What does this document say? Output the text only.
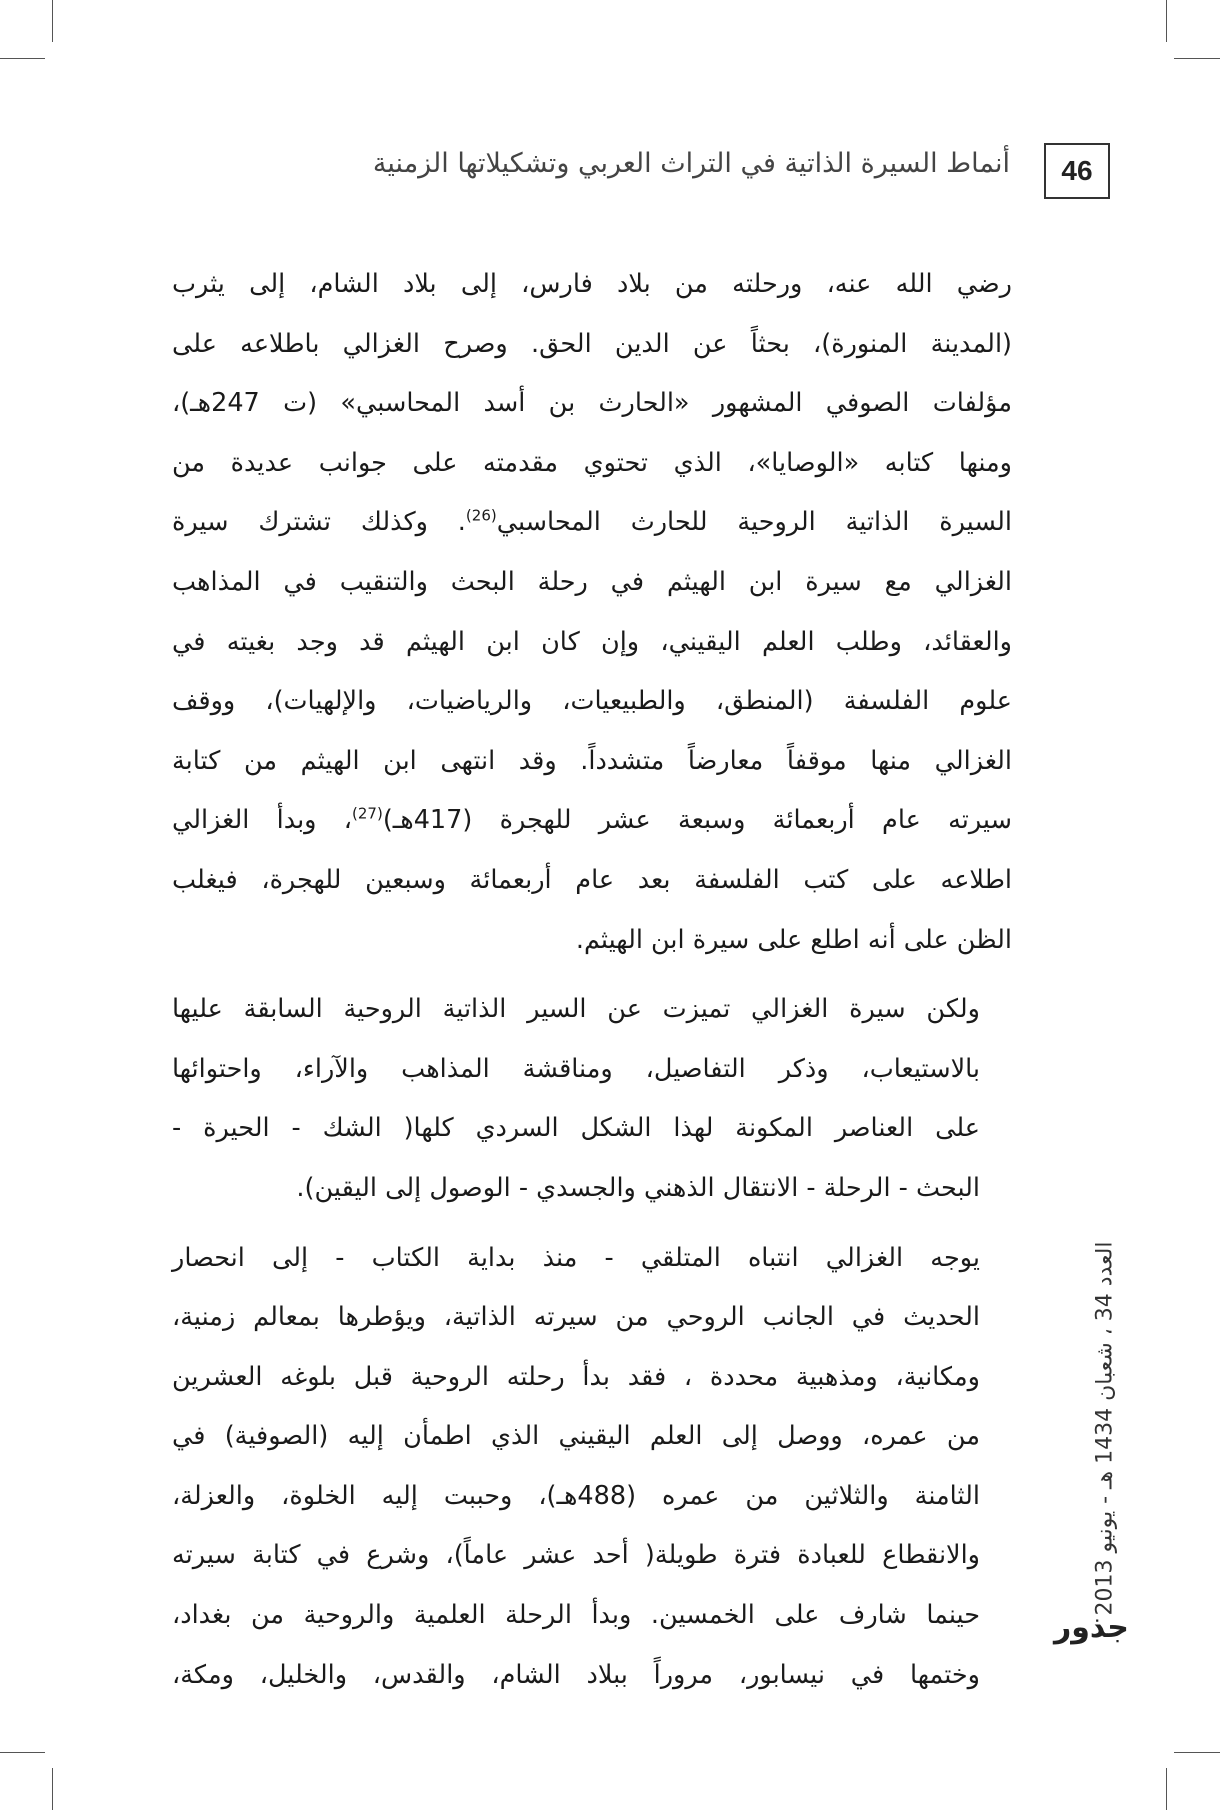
46
أنماط السيرة الذاتية في التراث العربي وتشكيلاتها الزمنية

رضي الله عنه، ورحلته من بلاد فارس، إلى بلاد الشام، إلى يثرب
(المدينة المنورة)، بحثاً عن الدين الحق. وصرح الغزالي باطلاعه على
مؤلفات الصوفي المشهور «الحارث بن أسد المحاسبي» (ت 247هـ)،
ومنها كتابه «الوصايا»، الذي تحتوي مقدمته على جوانب عديدة من
السيرة الذاتية الروحية للحارث المحاسبي$^{(26)}$. وكذلك تشترك سيرة
الغزالي مع سيرة ابن الهيثم في رحلة البحث والتنقيب في المذاهب
والعقائد، وطلب العلم اليقيني، وإن كان ابن الهيثم قد وجد بغيته في
علوم الفلسفة (المنطق، والطبيعيات، والرياضيات، والإلهيات)، ووقف
الغزالي منها موقفاً معارضاً متشدداً. وقد انتهى ابن الهيثم من كتابة
سيرته عام أربعمائة وسبعة عشر للهجرة (417هـ)$^{(27)}$، وبدأ الغزالي
اطلاعه على كتب الفلسفة بعد عام أربعمائة وسبعين للهجرة، فيغلب
الظن على أنه اطلع على سيرة ابن الهيثم.

ولكن سيرة الغزالي تميزت عن السير الذاتية الروحية السابقة عليها
بالاستيعاب، وذكر التفاصيل، ومناقشة المذاهب والآراء، واحتوائها
على العناصر المكونة لهذا الشكل السردي كلها( الشك - الحيرة -
البحث - الرحلة - الانتقال الذهني والجسدي - الوصول إلى اليقين).

يوجه الغزالي انتباه المتلقي - منذ بداية الكتاب - إلى انحصار
الحديث في الجانب الروحي من سيرته الذاتية، ويؤطرها بمعالم زمنية،
ومكانية، ومذهبية محددة ، فقد بدأ رحلته الروحية قبل بلوغه العشرين
من عمره، ووصل إلى العلم اليقيني الذي اطمأن إليه (الصوفية) في
الثامنة والثلاثين من عمره (488هـ)، وحببت إليه الخلوة، والعزلة،
والانقطاع للعبادة فترة طويلة( أحد عشر عاماً)، وشرع في كتابة سيرته
حينما شارف على الخمسين. وبدأ الرحلة العلمية والروحية من بغداد،
وختمها في نيسابور، مروراً ببلاد الشام، والقدس، والخليل، ومكة،

العدد 34 ، شعبان 1434 هـ - يونيو 2013
جذور
